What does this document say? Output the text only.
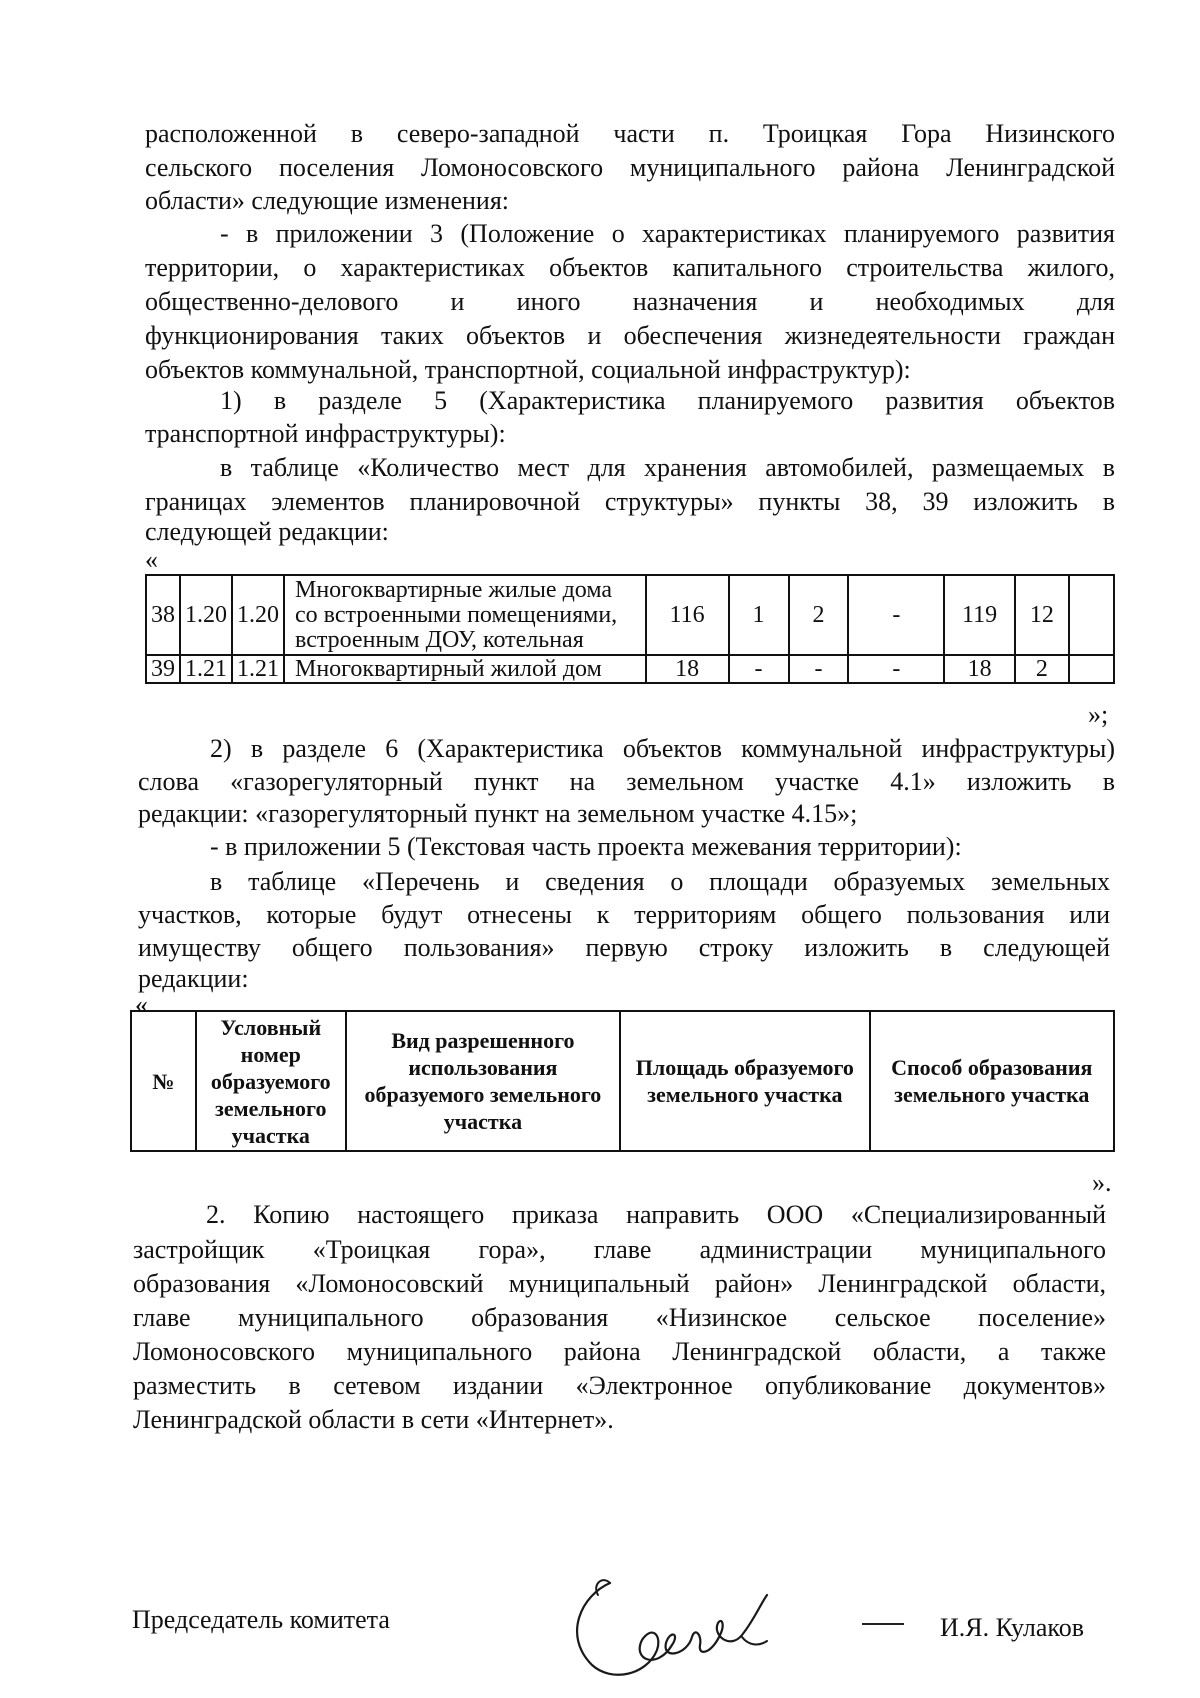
расположенной в северо-западной части п. Троицкая Гора Низинского

сельского поселения Ломоносовского муниципального района Ленинградской

области» следующие изменения:

- в приложении 3 (Положение о характеристиках планируемого развития

территории, о характеристиках объектов капитального строительства жилого,

общественно-делового и иного назначения и необходимых для

функционирования таких объектов и обеспечения жизнедеятельности граждан

объектов коммунальной, транспортной, социальной инфраструктур):

1) в разделе 5 (Характеристика планируемого развития объектов

транспортной инфраструктуры):

в таблице «Количество мест для хранения автомобилей, размещаемых в

границах элементов планировочной структуры» пункты 38, 39 изложить в

следующей редакции:

«
38	1.20	1.20	Многоквартирные жилые дома со встроенными помещениями, встроенным ДОУ, котельная	116	1	2	-	119	12	
39	1.21	1.21	Многоквартирный жилой дом	18	-	-	-	18	2	
»;

2) в разделе 6 (Характеристика объектов коммунальной инфраструктуры)

слова «газорегуляторный пункт на земельном участке 4.1» изложить в

редакции: «газорегуляторный пункт на земельном участке 4.15»;

- в приложении 5 (Текстовая часть проекта межевания территории):

в таблице «Перечень и сведения о площади образуемых земельных

участков, которые будут отнесены к территориям общего пользования или

имуществу общего пользования» первую строку изложить в следующей

редакции:

«
№	Условный номер образуемого земельного участка	Вид разрешенного использования образуемого земельного участка	Площадь образуемого земельного участка	Способ образования земельного участка
».

2. Копию настоящего приказа направить ООО «Специализированный

застройщик «Троицкая гора», главе администрации муниципального

образования «Ломоносовский муниципальный район» Ленинградской области,

главе муниципального образования «Низинское сельское поселение»

Ломоносовского муниципального района Ленинградской области, а также

разместить в сетевом издании «Электронное опубликование документов»

Ленинградской области в сети «Интернет».

Председатель комитета	И.Я. Кулаков
